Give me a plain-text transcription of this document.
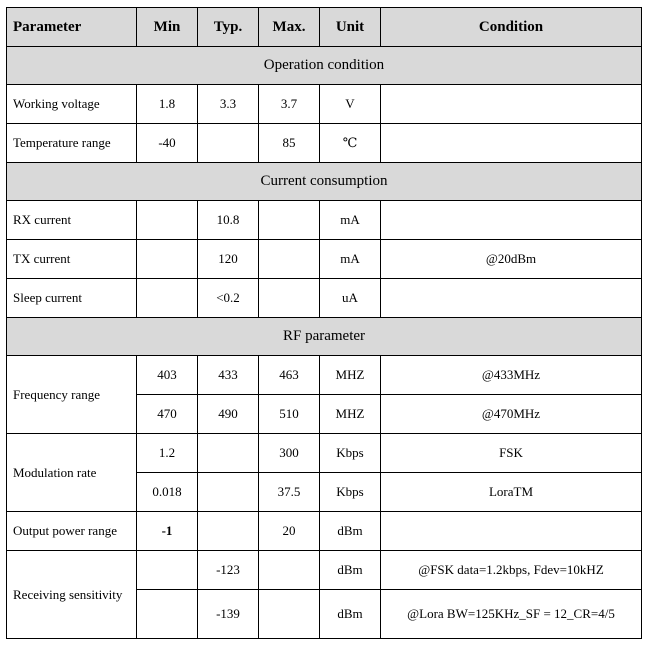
Parameter	Min	Typ.	Max.	Unit	Condition
Operation condition					
Working voltage	1.8	3.3	3.7	V	
Temperature range	-40		85	℃	
Current consumption					
RX current		10.8		mA	
TX current		120		mA	@20dBm
Sleep current		<0.2		uA	
RF parameter					
Frequency range	403	433	463	MHZ	@433MHz
	470	490	510	MHZ	@470MHz
Modulation rate	1.2		300	Kbps	FSK
	0.018		37.5	Kbps	LoraTM
Output power range	-1		20	dBm	
Receiving sensitivity		-123		dBm	@FSK data=1.2kbps, Fdev=10kHZ
		-139		dBm	@Lora BW=125KHz_SF = 12_CR=4/5
